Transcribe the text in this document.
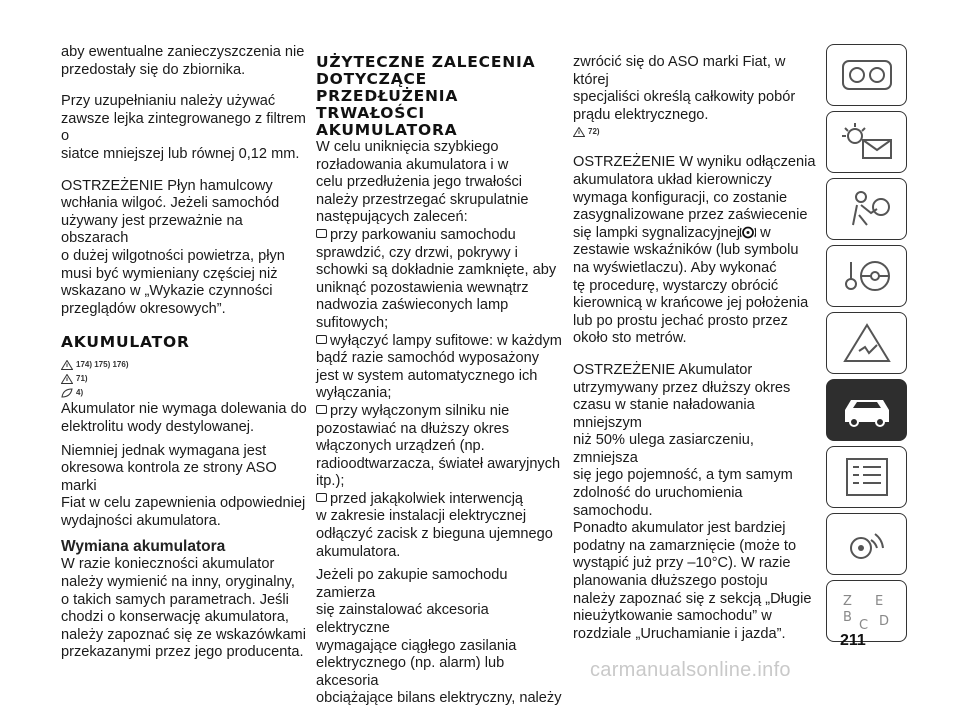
aby ewentualne zanieczyszczenia nie

przedostały się do zbiornika.

Przy uzupełnianiu należy używać

zawsze lejka zintegrowanego z filtrem o

siatce mniejszej lub równej 0,12 mm.

OSTRZEŻENIE Płyn hamulcowy

wchłania wilgoć. Jeżeli samochód

używany jest przeważnie na obszarach

o dużej wilgotności powietrza, płyn

musi być wymieniany częściej niż

wskazano w „Wykazie czynności

przeglądów okresowych”.

AKUMULATOR
174) 175) 176)
71)
4)

Akumulator nie wymaga dolewania do

elektrolitu wody destylowanej.

Niemniej jednak wymagana jest

okresowa kontrola ze strony ASO marki

Fiat w celu zapewnienia odpowiedniej

wydajności akumulatora.

Wymiana akumulatora

W razie konieczności akumulator

należy wymienić na inny, oryginalny,

o takich samych parametrach. Jeśli

chodzi o konserwację akumulatora,

należy zapoznać się ze wskazówkami

przekazanymi przez jego producenta.

UŻYTECZNE ZALECENIA
DOTYCZĄCE
PRZEDŁUŻENIA
TRWAŁOŚCI
AKUMULATORA

W celu uniknięcia szybkiego

rozładowania akumulatora i w

celu przedłużenia jego trwałości

należy przestrzegać skrupulatnie

następujących zaleceń:

przy parkowaniu samochodu

sprawdzić, czy drzwi, pokrywy i

schowki są dokładnie zamknięte, aby

uniknąć pozostawienia wewnątrz

nadwozia zaświeconych lamp

sufitowych;

wyłączyć lampy sufitowe: w każdym

bądź razie samochód wyposażony

jest w system automatycznego ich

wyłączania;

przy wyłączonym silniku nie

pozostawiać na dłuższy okres

włączonych urządzeń (np.

radioodtwarzacza, świateł awaryjnych

itp.);

przed jakąkolwiek interwencją

w zakresie instalacji elektrycznej

odłączyć zacisk z bieguna ujemnego

akumulatora.

Jeżeli po zakupie samochodu zamierza

się zainstalować akcesoria elektryczne

wymagające ciągłego zasilania

elektrycznego (np. alarm) lub akcesoria

obciążające bilans elektryczny, należy

zwrócić się do ASO marki Fiat, w której

specjaliści określą całkowity pobór

prądu elektrycznego.

72)

OSTRZEŻENIE W wyniku odłączenia

akumulatora układ kierowniczy

wymaga konfiguracji, co zostanie

zasygnalizowane przez zaświecenie

się lampki sygnalizacyjnej w

zestawie wskaźników (lub symbolu

na wyświetlaczu). Aby wykonać

tę procedurę, wystarczy obrócić

kierownicą w krańcowe jej położenia

lub po prostu jechać prosto przez

około sto metrów.

OSTRZEŻENIE Akumulator

utrzymywany przez dłuższy okres

czasu w stanie naładowania mniejszym

niż 50% ulega zasiarczeniu, zmniejsza

się jego pojemność, a tym samym

zdolność do uruchomienia samochodu.

Ponadto akumulator jest bardziej

podatny na zamarznięcie (może to

wystąpić już przy –10°C). W razie

planowania dłuższego postoju

należy zapoznać się z sekcją „Długie

nieużytkowanie samochodu” w

rozdziale „Uruchamianie i jazda”.

Z E
B
C D
211
carmanualsonline.info
